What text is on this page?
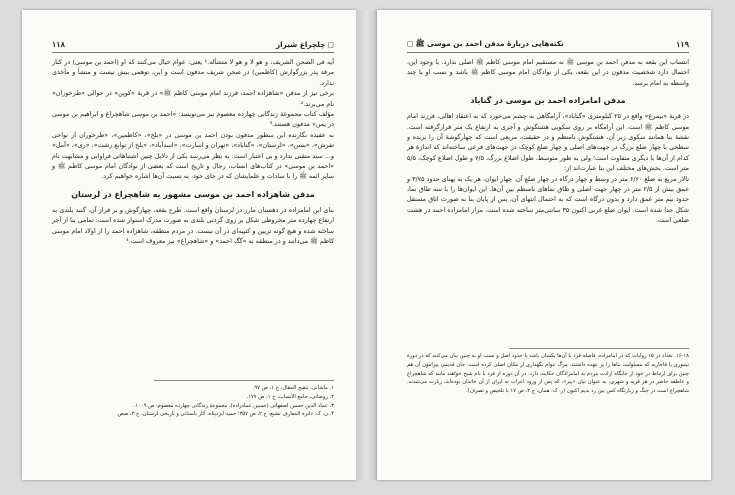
◻ چلچراغ شیراز
۱۱۸

آیه فی الصحن الشریف، و هو لا و هو لا متشأله.¹ یعنی: عوام خیال می‌کنند که او (احمد بن موسی) در کنار مرقد پدر بزرگوارش (کاظمین) در صحن شریف مدفون است و این، توهمی بیش نیست و منشأ و مأخذی ندارد.

برخی نیز از مدفن «شاهزاده احمد، فرزند امام موسی کاظم ﷺ» در قریهٔ «کوپن» در حوالی «طرخوران» نام می‌برند.²

مؤلف کتاب مجموعهٔ زندگانی چهارده معصوم نیز می‌نویسد: «احمد بن موسی شاهچراغ و ابراهیم بن موسی در یمن» مدفون هستند.³

به عقیده نگارنده این سطور مدفون بودن احمد بن موسی در «بلخ»، «کاظمین»، «طرخوران از نواحی تفرش»، «بسن»، «لرستان»، «گناباد»، «تهران و اسارت»، «اسدآباد»، «بلخ از توابع رشت»، «ری»، «آمل» و... سند متقنی ندارد و بی اعتبار است. به نظر می‌رسد یکی از دلایل چنین اشتباهاتی فراوانی و مشابهت نام «احمد بن موسی» در کتاب‌های انساب، رجال و تاریخ است که بعضی از نوادگان امام موسی کاظم ﷺ و سایر ائمه ﷺ را با سادات و علمایشان که در جای خود، به نسبت آن‌ها اشاره خواهیم کرد.

مدفن شاهزاده احمد بن موسی مشهور به شاهچراغ در لرستان

بنای این امامزاده در دهستان مارز در لرستان واقع است. طرح بقعه، چهارگوش و بر فراز آن، گنبد بلندی به ارتفاع چهارده متر مخروطی شکل بر روی گردنی بلندی به صورت مدرک استوار شده است. تمامی بنا از آجر ساخته شده و هیچ گونه تزیین و کتیبه‌ای در آن نیست. در مردم منطقه، شاهزاده احمد را از اولاد امام موسی کاظم ﷺ می‌دانند و در منطقه به «گگ احمد» و «شاهچراغ» نیز معروف است.⁴

۱. ماشانی، تنقیح المقال، ج ۱، ص ۹۷.
۲. روضاتی، جامع الأنساب، ج ۱، ص ۱۷۷.
۳. عماد الدین حسین اصفهانی (حسین عمادزاده)، مجموعهٔ زندگانی چهارده معصوم، ص ۱۰۰۹.
۴. ن. ک: دایرة المعارف تشیع، ج ۲، ص ۳۵۷؛ حمید ایزدپناه، آثار باستانی و تاریخی لرستان، ج ۳، صص
۱۱۹
نکته‌هایی دربارهٔ مدفن احمد بن موسی ﷺ ◻

انتساب این بقعه به مدفن احمد بن موسی ﷺ نه مستقیم امام موسی کاظم ﷺ اصلی ندارد. با وجود این، احتمال دارد شخصیت مدفون در این بقعه، یکی از نوادگان امام موسی کاظم ﷺ باشد و نسب او با چند واسطه به امام برسد.

مدفن امامزاده احمد بن موسی در گناباد

در قریهٔ «بیمرغ» واقع در ۲۵ کیلومتری «گناباد»، آرامگاهی به چشم می‌خورد که به اعتقاد اهالی، فرزند امام موسی کاظم ﷺ است. این آرامگاه بر روی سکویی هشتگوش و آجری به ارتفاع یک متر قرارگرفته است. نقشهٔ بنا همانند سکوی زیر آن، هشتگوش نامنظم و در حقیقت، مربعی است که چهارگوشهٔ آن را بریده و سطحی با چهار ضلع بزرگ در جهت‌های اصلی و چهار ضلع کوچک در جهت‌های فرعی ساخته‌اند که اندازهٔ هر کدام از آن‌ها با دیگری متفاوت است؛ ولی به طور متوسط، طول اضلاع بزرگ، ۷/۵ و طول اضلاع کوچک، ۵/۵ متر است. بخش‌های مختلف این بنا عبارت‌اند از:

تالار مربع به ضلع ۶/۶۰ متر در وسط و چهار درگاه در چهار ضلع آن. چهار ایوان، هر یک به پهنای حدود ۳/۷۵ و عمق بیش از ۲/۵ متر در چهار جهت اصلی و طاق نماهای نامنظم بین آن‌ها. این ایوان‌ها را با سه طاق نما، حدود نیم متر عمق دارد و بدون درگاه است که به احتمال انتهای آن، پس از پایان بنا به صورت اتاق مستقل شکل جدا شده است. ایوان ضلع غربی اکنون ۳۵ سانتی‌متر ساخته شده است. مزار امامزاده احمد در هشت ضلعی است.

۱۶-۱۸. تعداد در ۱۵ روایات که در امامزاده، فاصله فرد با آن‌ها یکسان باشد یا حدود اصل و نسب او به چنین بیان می‌کنند که در دورهٔ تیموری یا قاجاریه که مسئولیت بناها را بر عهده داشتند، مرگ عوام نگهداری از مکان اصلی کرده است. جان قدیمی پیرامون آن هم چنین برای ارتباط در خود از جایگاه ارادت مردم به امامزادگان حکایت دارد. در آن دوره از فرد با نام شیخ خواهند مانند که شاهچراغ و عاطفه حاضر در هر قریه و شهری، به عنوان بیان «پیر»، که پس از ورود اعراب به ایران از آن خاندان بوده‌اند، زیارت می‌شدند. شاهچراغ است در جنگ و زیارتگاه کس بین رد بدیم اکنون (ر. ک: همان، ج ۲، ص ۱۷ با تلخیص و تصرف).
